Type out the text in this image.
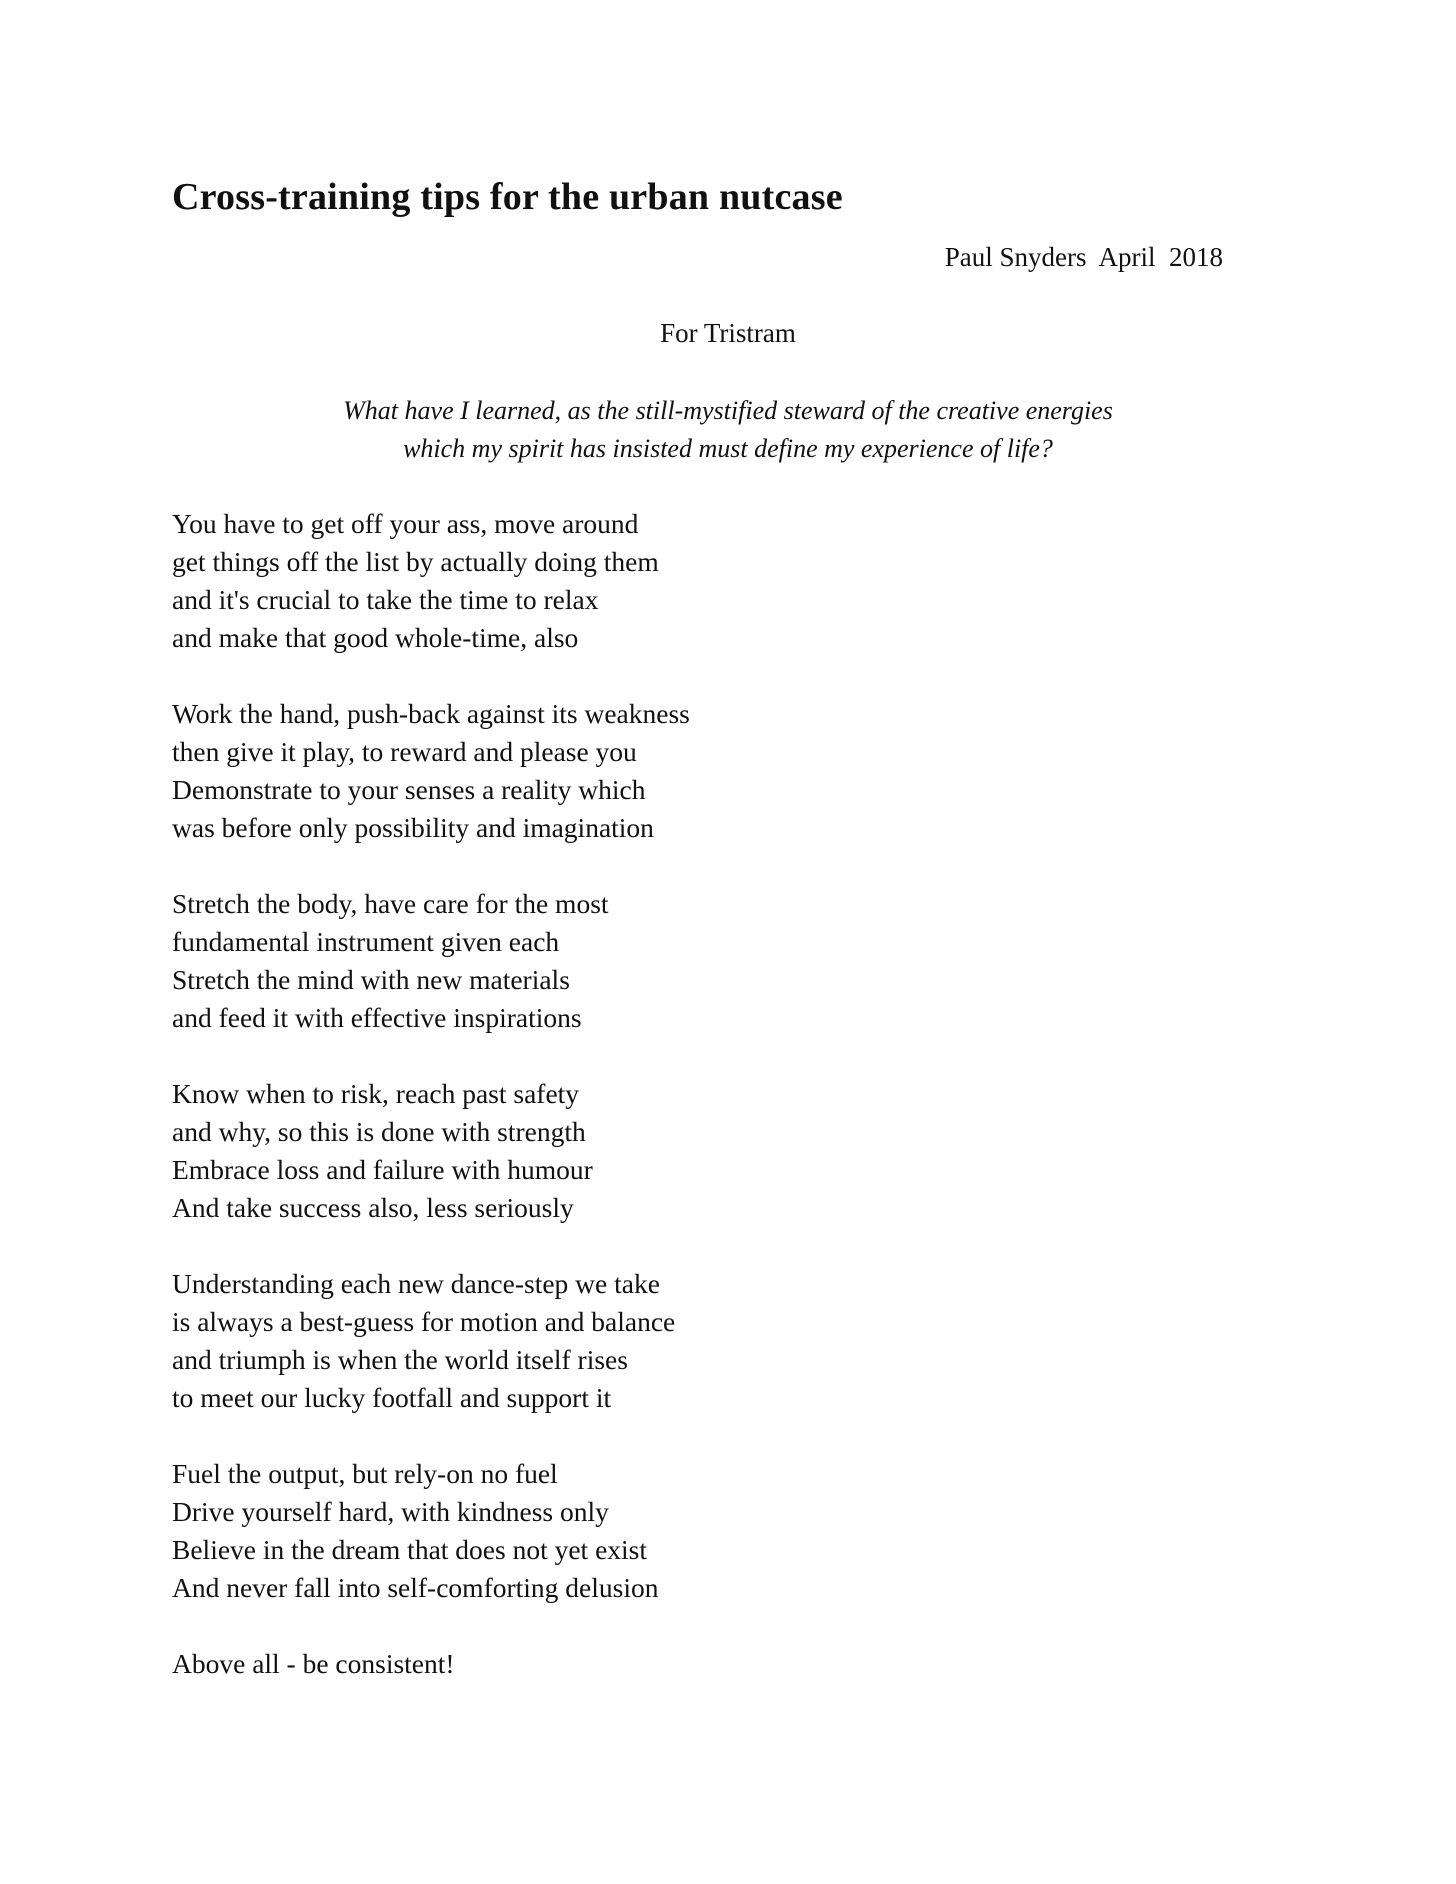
Cross-training tips for the urban nutcase
Paul Snyders  April  2018
For Tristram
What have I learned, as the still-mystified steward of the creative energies
which my spirit has insisted must define my experience of life?
You have to get off your ass, move around
get things off the list by actually doing them
and it's crucial to take the time to relax
and make that good whole-time, also
Work the hand, push-back against its weakness
then give it play, to reward and please you
Demonstrate to your senses a reality which
was before only possibility and imagination
Stretch the body, have care for the most
fundamental instrument given each
Stretch the mind with new materials
and feed it with effective inspirations
Know when to risk, reach past safety
and why, so this is done with strength
Embrace loss and failure with humour
And take success also, less seriously
Understanding each new dance-step we take
is always a best-guess for motion and balance
and triumph is when the world itself rises
to meet our lucky footfall and support it
Fuel the output, but rely-on no fuel
Drive yourself hard, with kindness only
Believe in the dream that does not yet exist
And never fall into self-comforting delusion
Above all - be consistent!
